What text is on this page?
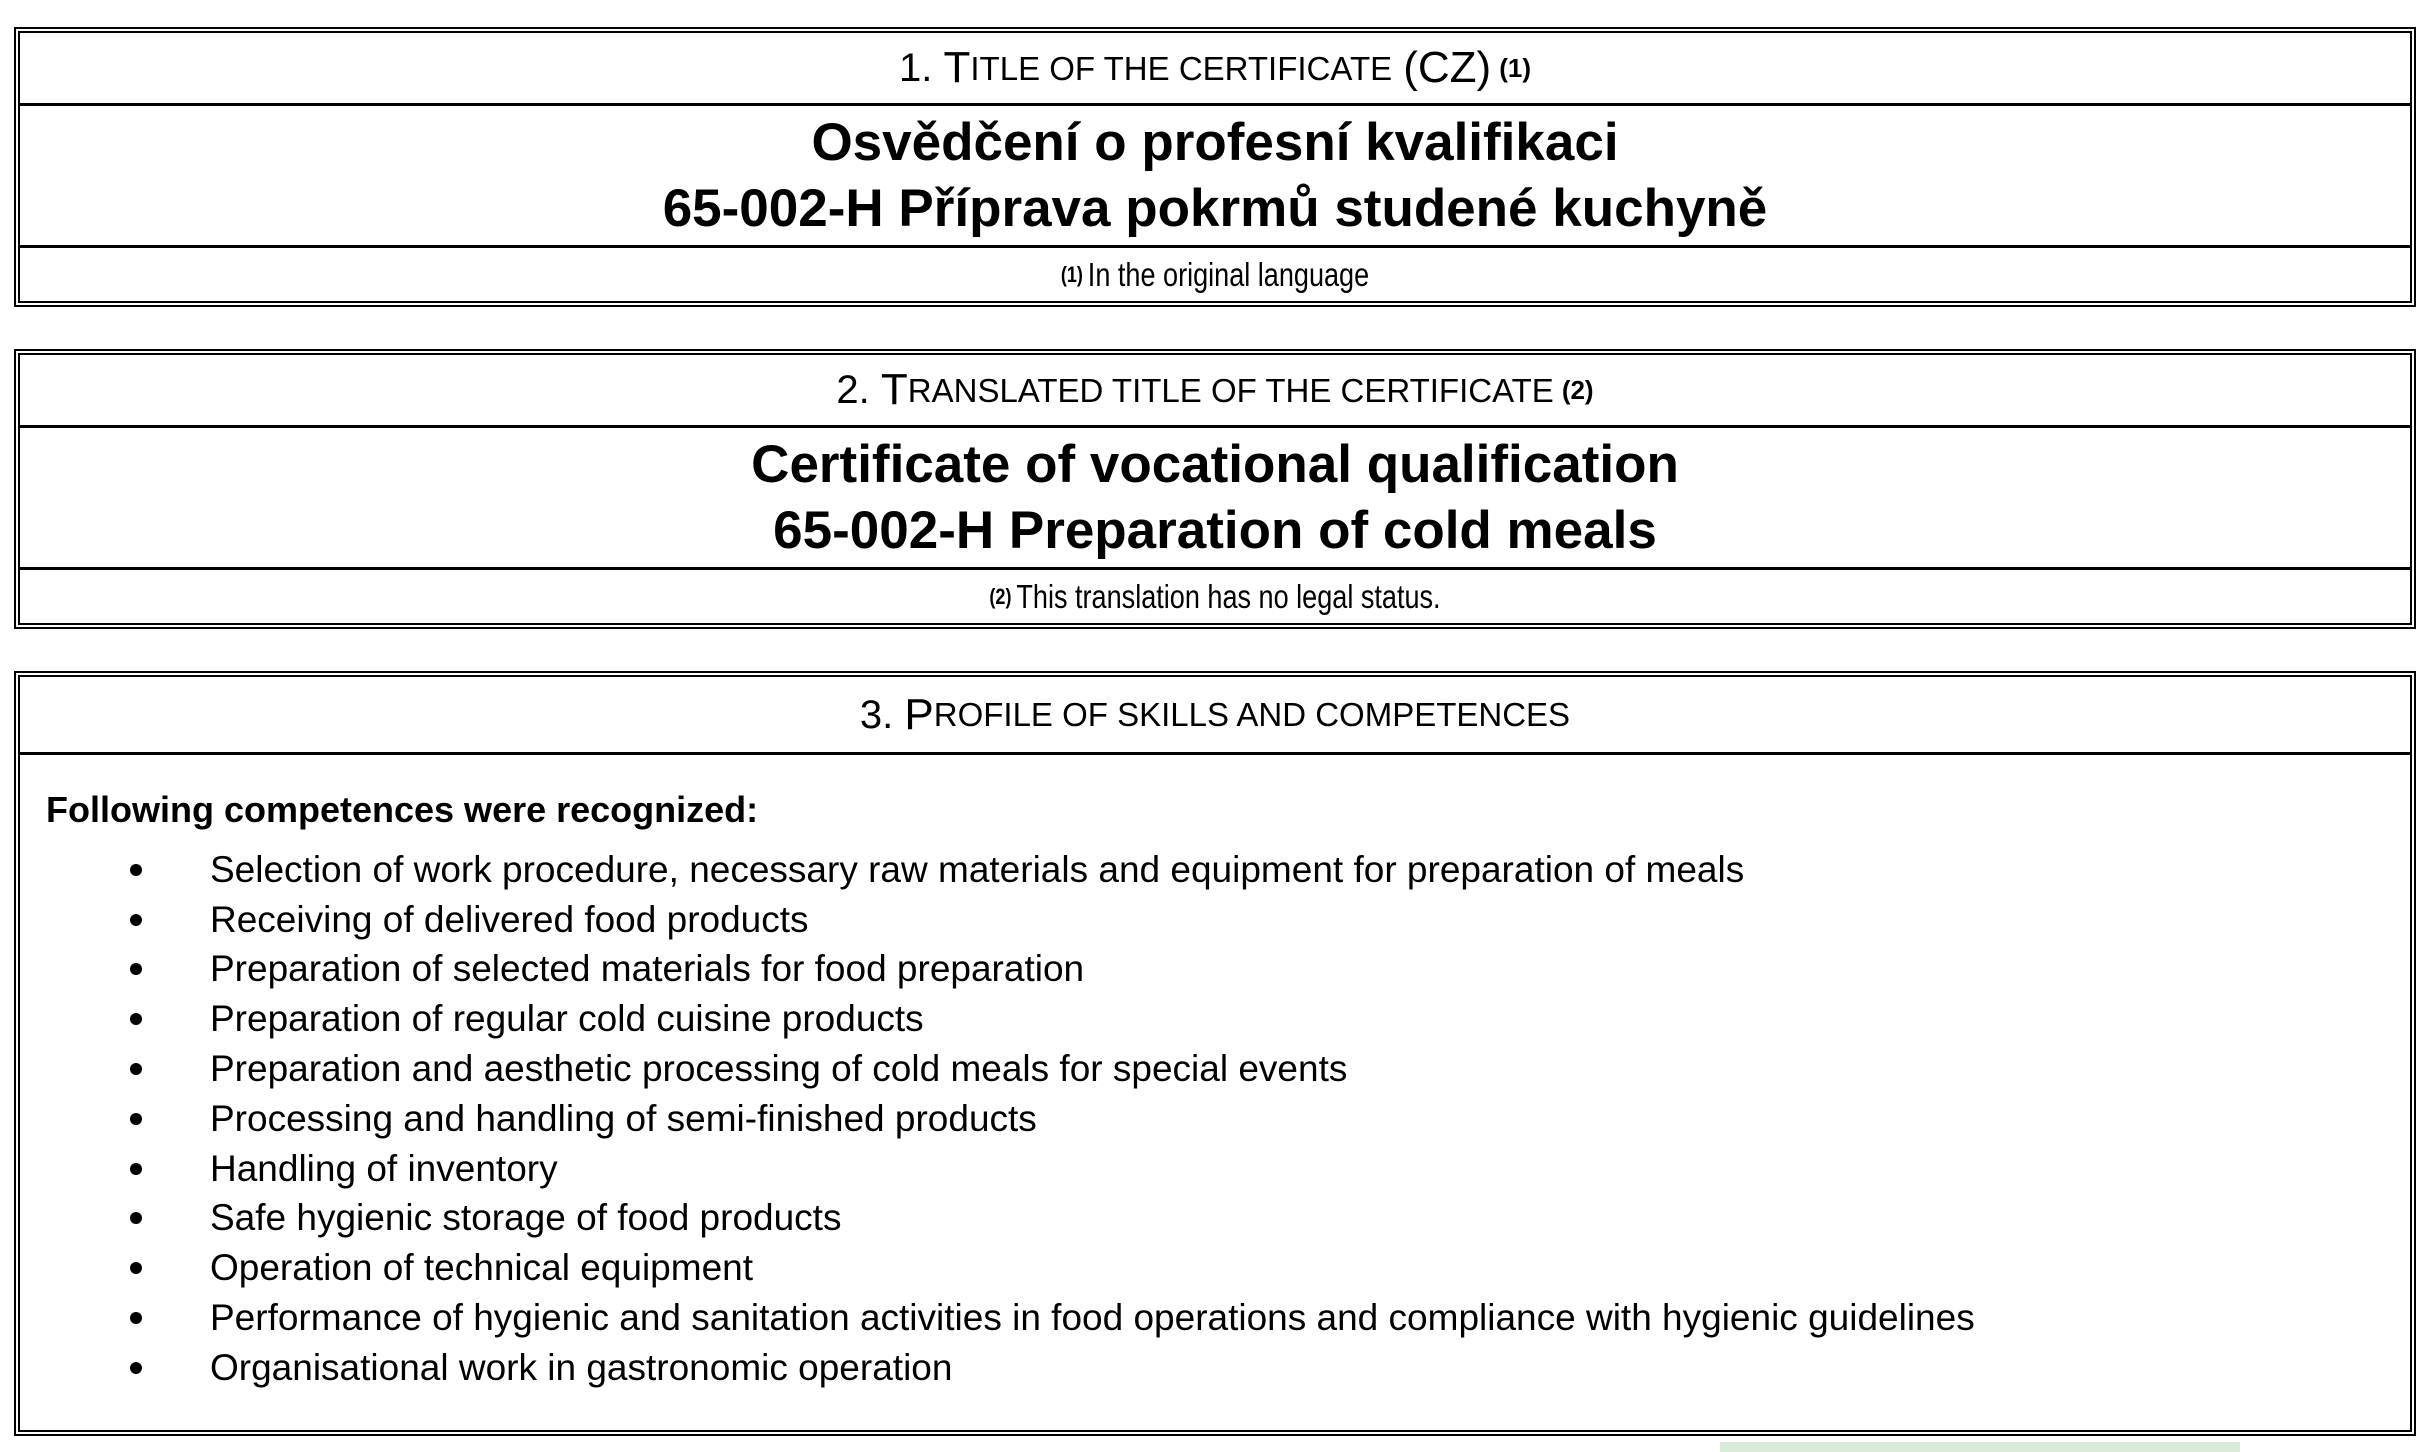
1.
T ITLE OF THE CERTIFICATE
(CZ) (1)
Osvědčení o profesní kvalifikaci
65-002-H Příprava pokrmů studené kuchyně
(1) In the original language
2.
T RANSLATED TITLE OF THE CERTIFICATE (2)
Certificate of vocational qualification
65-002-H Preparation of cold meals
(2) This translation has no legal status.
3.
P ROFILE OF SKILLS AND COMPETENCES
Following competences were recognized:
Selection of work procedure, necessary raw materials and equipment for preparation of meals
Receiving of delivered food products
Preparation of selected materials for food preparation
Preparation of regular cold cuisine products
Preparation and aesthetic processing of cold meals for special events
Processing and handling of semi-finished products
Handling of inventory
Safe hygienic storage of food products
Operation of technical equipment
Performance of hygienic and sanitation activities in food operations and compliance with hygienic guidelines
Organisational work in gastronomic operation
